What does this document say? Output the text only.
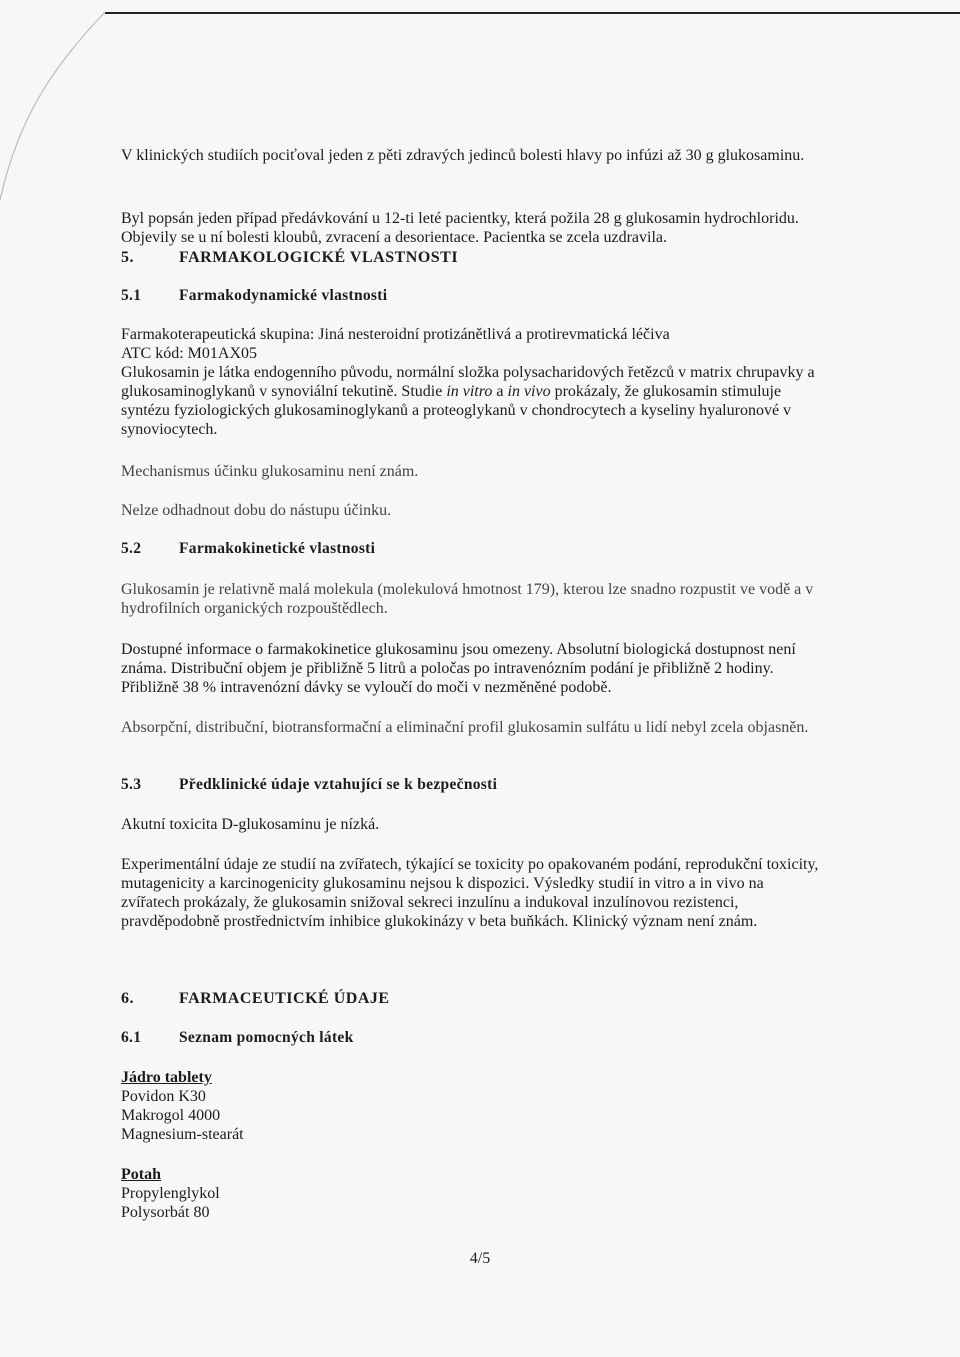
V klinických studiích pociťoval jeden z pěti zdravých jedinců bolesti hlavy po infúzi až 30 g glukosaminu.

Byl popsán jeden případ předávkování u 12-ti leté pacientky, která požila 28 g glukosamin hydrochloridu. Objevily se u ní bolesti kloubů, zvracení a desorientace. Pacientka se zcela uzdravila.

5.	FARMAKOLOGICKÉ VLASTNOSTI
5.1 Farmakodynamické vlastnosti

Farmakoterapeutická skupina: Jiná nesteroidní protizánětlivá a protirevmatická léčiva

ATC kód: M01AX05

Glukosamin je látka endogenního původu, normální složka polysacharidových řetězců v matrix chrupavky a glukosaminoglykanů v synoviální tekutině. Studie in vitro a in vivo prokázaly, že glukosamin stimuluje syntézu fyziologických glukosaminoglykanů a proteoglykanů v chondrocytech a kyseliny hyaluronové v synoviocytech.

Mechanismus účinku glukosaminu není znám.

Nelze odhadnout dobu do nástupu účinku.

5.2 Farmakokinetické vlastnosti

Glukosamin je relativně malá molekula (molekulová hmotnost 179), kterou lze snadno rozpustit ve vodě a v hydrofilních organických rozpouštědlech.

Dostupné informace o farmakokinetice glukosaminu jsou omezeny. Absolutní biologická dostupnost není známa. Distribuční objem je přibližně 5 litrů a poločas po intravenózním podání je přibližně 2 hodiny. Přibližně 38 % intravenózní dávky se vyloučí do moči v nezměněné podobě.

Absorpční, distribuční, biotransformační a eliminační profil glukosamin sulfátu u lidí nebyl zcela objasněn.

5.3 Předklinické údaje vztahující se k bezpečnosti

Akutní toxicita D-glukosaminu je nízká.

Experimentální údaje ze studií na zvířatech, týkající se toxicity po opakovaném podání, reprodukční toxicity, mutagenicity a karcinogenicity glukosaminu nejsou k dispozici. Výsledky studií in vitro a in vivo na zvířatech prokázaly, že glukosamin snižoval sekreci inzulínu a indukoval inzulínovou rezistenci, pravděpodobně prostřednictvím inhibice glukokinázy v beta buňkách. Klinický význam není znám.

6.	FARMACEUTICKÉ ÚDAJE
6.1 Seznam pomocných látek

Jádro tablety

Povidon K30

Makrogol 4000

Magnesium-stearát

Potah

Propylenglykol

Polysorbát 80

4/5
